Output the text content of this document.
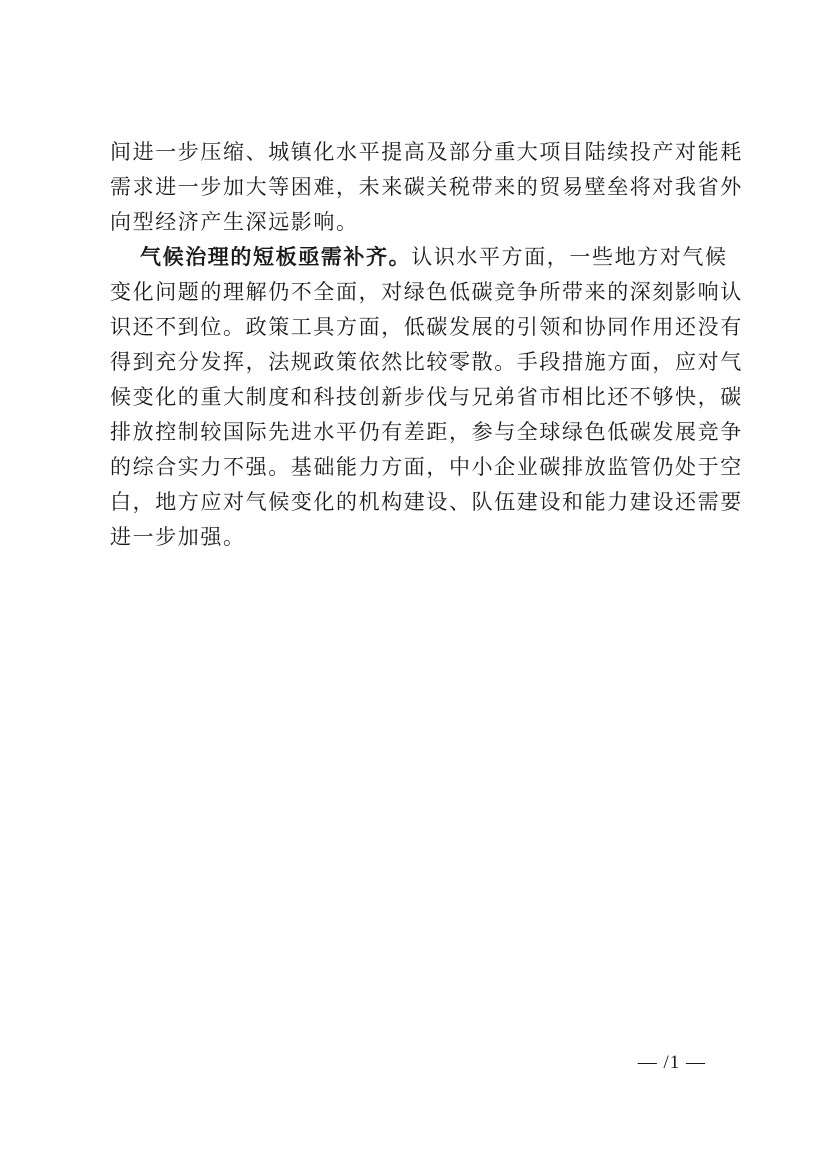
间进一步压缩、城镇化水平提高及部分重大项目陆续投产对能耗
需求进一步加大等困难，未来碳关税带来的贸易壁垒将对我省外
向型经济产生深远影响。
气候治理的短板亟需补齐。认识水平方面，一些地方对气候
变化问题的理解仍不全面，对绿色低碳竞争所带来的深刻影响认
识还不到位。政策工具方面，低碳发展的引领和协同作用还没有
得到充分发挥，法规政策依然比较零散。手段措施方面，应对气
候变化的重大制度和科技创新步伐与兄弟省市相比还不够快，碳
排放控制较国际先进水平仍有差距，参与全球绿色低碳发展竞争
的综合实力不强。基础能力方面，中小企业碳排放监管仍处于空
白，地方应对气候变化的机构建设、队伍建设和能力建设还需要
进一步加强。
— /1 —
